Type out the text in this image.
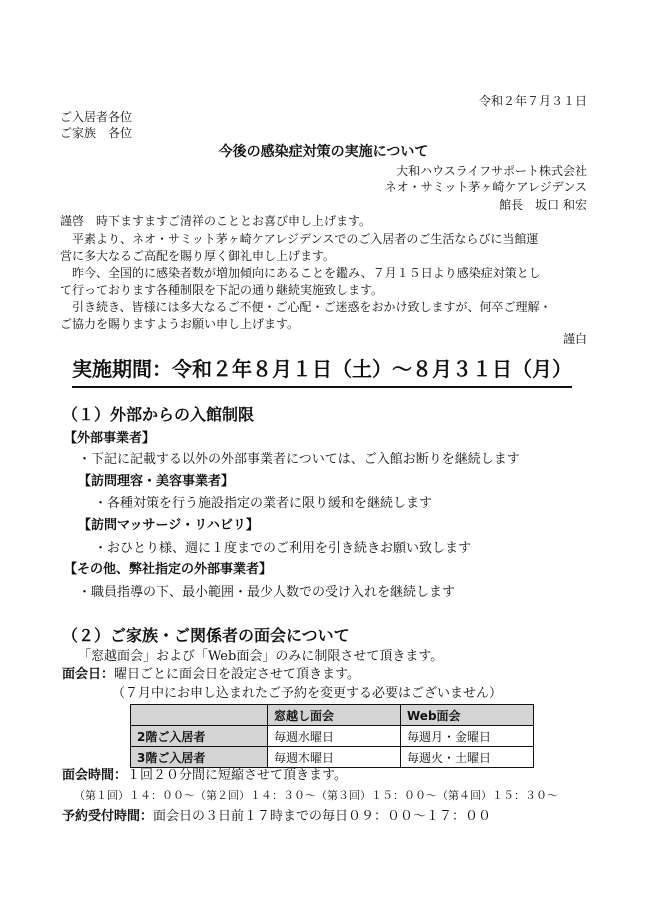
令和２年７月３１日
ご入居者各位
ご家族　各位
今後の感染症対策の実施について
大和ハウスライフサポート株式会社
ネオ・サミット茅ヶ崎ケアレジデンス
館長　坂口 和宏
謹啓　時下ますますご清祥のこととお喜び申し上げます。
　平素より、ネオ・サミット茅ヶ崎ケアレジデンスでのご入居者のご生活ならびに当館運
営に多大なるご高配を賜り厚く御礼申し上げます。
　昨今、全国的に感染者数が増加傾向にあることを鑑み、７月１５日より感染症対策とし
て行っております各種制限を下記の通り継続実施致します。
　引き続き、皆様には多大なるご不便・ご心配・ご迷惑をおかけ致しますが、何卒ご理解・
ご協力を賜りますようお願い申し上げます。
謹白
実施期間：令和２年８月１日（土）～８月３１日（月）
（１）外部からの入館制限
【外部事業者】
・下記に記載する以外の外部事業者については、ご入館お断りを継続します
【訪問理容・美容事業者】
・各種対策を行う施設指定の業者に限り緩和を継続します
【訪問マッサージ・リハビリ】
・おひとり様、週に１度までのご利用を引き続きお願い致します
【その他、弊社指定の外部事業者】
・職員指導の下、最小範囲・最少人数での受け入れを継続します
（２）ご家族・ご関係者の面会について
「窓越面会」および「Web面会」のみに制限させて頂きます。
面会日：曜日ごとに面会日を設定させて頂きます。
（７月中にお申し込まれたご予約を変更する必要はございません）
	窓越し面会	Web面会
2階ご入居者	毎週水曜日	毎週月・金曜日
3階ご入居者	毎週木曜日	毎週火・土曜日
面会時間：１回２０分間に短縮させて頂きます。
（第１回）１４：００～（第２回）１４：３０～（第３回）１５：００～（第４回）１５：３０～
予約受付時間：面会日の３日前１７時までの毎日０９：００～１７：００
